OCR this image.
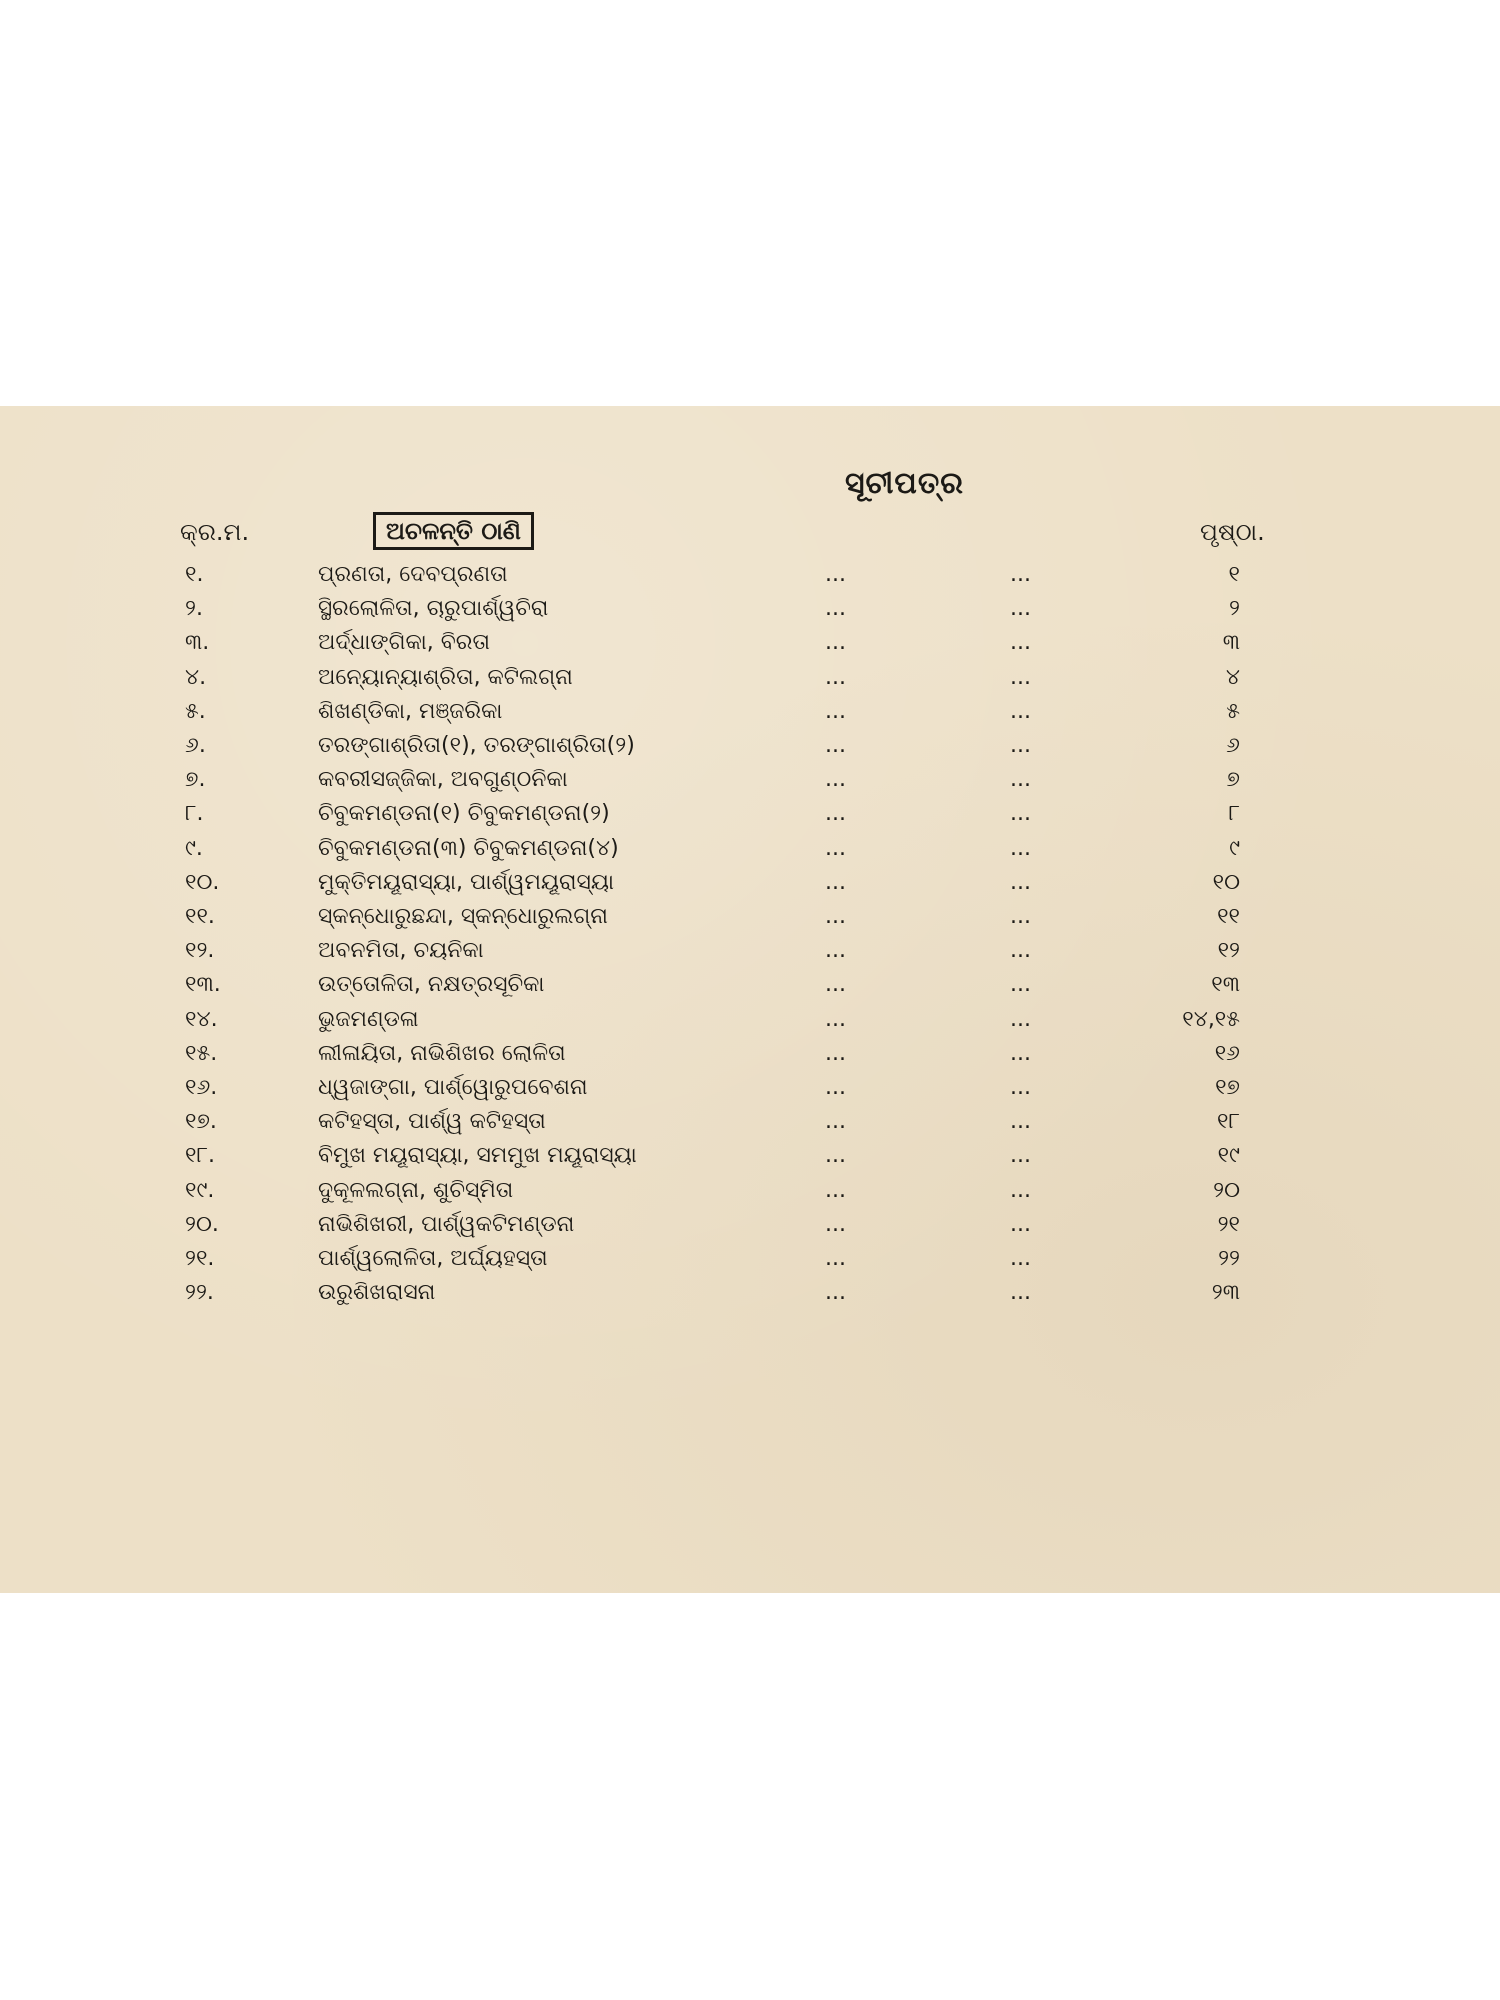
ସୂଚୀପତ୍ର
କ୍ର.ମ.	ଅଚଳନ୍ତି ଠାଣି	ପୃଷ୍ଠା.
୧.	ପ୍ରଣତା, ଦେବପ୍ରଣତା	...	...	୧
୨.	ସ୍ଥିରଲୋଳିତା, ଚାରୁପାର୍ଶ୍ୱଚିରା	...	...	୨
୩.	ଅର୍ଦ୍ଧାଙ୍ଗିକା, ବିରତା	...	...	୩
୪.	ଅନ୍ୟୋନ୍ୟାଶ୍ରିତା, କଟିଲଗ୍ନା	...	...	୪
୫.	ଶିଖଣ୍ଡିକା, ମଞ୍ଜରିକା	...	...	୫
୬.	ତରଙ୍ଗାଶ୍ରିତା(୧), ତରଙ୍ଗାଶ୍ରିତା(୨)	...	...	୬
୭.	କବରୀସଜ୍ଜିକା, ଅବଗୁଣ୍ଠନିକା	...	...	୭
୮.	ଚିବୁକମଣ୍ଡନା(୧) ଚିବୁକମଣ୍ଡନା(୨)	...	...	୮
୯.	ଚିବୁକମଣ୍ଡନା(୩) ଚିବୁକମଣ୍ଡନା(୪)	...	...	୯
୧୦.	ମୁକ୍ତିମୟୂରାସ୍ୟା, ପାର୍ଶ୍ୱମୟୂରାସ୍ୟା	...	...	୧୦
୧୧.	ସ୍କନ୍ଧୋରୁଛନ୍ଦା, ସ୍କନ୍ଧୋରୁଲଗ୍ନା	...	...	୧୧
୧୨.	ଅବନମିତା, ଚୟନିକା	...	...	୧୨
୧୩.	ଉତ୍ତୋଳିତା, ନକ୍ଷତ୍ରସୂଚିକା	...	...	୧୩
୧୪.	ଭୁଜମଣ୍ଡଳା	...	...	୧୪,୧୫
୧୫.	ଲୀଳାୟିତା, ନାଭିଶିଖର ଲୋଳିତା	...	...	୧୬
୧୬.	ଧ୍ୱଜାଙ୍ଗା, ପାର୍ଶ୍ୱୋରୁପବେଶନା	...	...	୧୭
୧୭.	କଟିହସ୍ତା, ପାର୍ଶ୍ୱ କଟିହସ୍ତା	...	...	୧୮
୧୮.	ବିମୁଖ ମୟୂରାସ୍ୟା, ସମମୁଖ ମୟୂରାସ୍ୟା	...	...	୧୯
୧୯.	ଦୁକୂଳଲଗ୍ନା, ଶୁଚିସ୍ମିତା	...	...	୨୦
୨୦.	ନାଭିଶିଖରୀ, ପାର୍ଶ୍ୱକଟିମଣ୍ଡନା	...	...	୨୧
୨୧.	ପାର୍ଶ୍ୱଲୋଳିତା, ଅର୍ଘ୍ୟହସ୍ତା	...	...	୨୨
୨୨.	ଉରୁଶିଖରାସନା	...	...	୨୩
